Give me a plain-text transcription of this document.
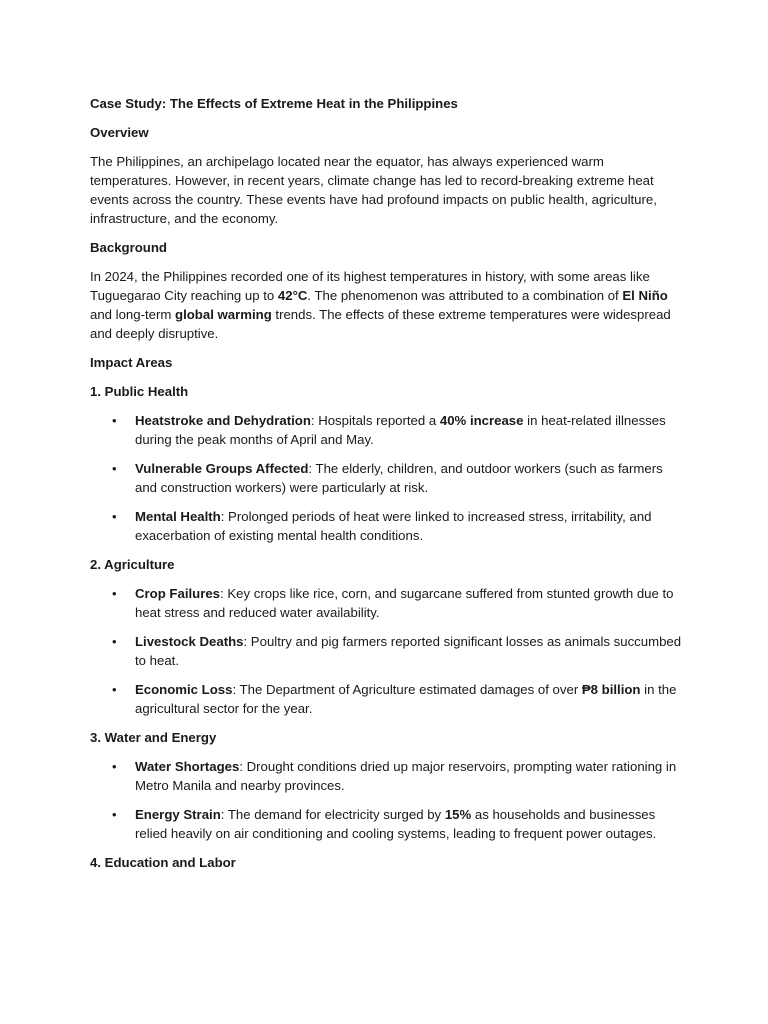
Case Study: The Effects of Extreme Heat in the Philippines

Overview

The Philippines, an archipelago located near the equator, has always experienced warm temperatures. However, in recent years, climate change has led to record-breaking extreme heat events across the country. These events have had profound impacts on public health, agriculture, infrastructure, and the economy.

Background

In 2024, the Philippines recorded one of its highest temperatures in history, with some areas like Tuguegarao City reaching up to 42°C. The phenomenon was attributed to a combination of El Niño and long-term global warming trends. The effects of these extreme temperatures were widespread and deeply disruptive.

Impact Areas

1. Public Health

• Heatstroke and Dehydration: Hospitals reported a 40% increase in heat-related illnesses during the peak months of April and May.
• Vulnerable Groups Affected: The elderly, children, and outdoor workers (such as farmers and construction workers) were particularly at risk.
• Mental Health: Prolonged periods of heat were linked to increased stress, irritability, and exacerbation of existing mental health conditions.

2. Agriculture

• Crop Failures: Key crops like rice, corn, and sugarcane suffered from stunted growth due to heat stress and reduced water availability.
• Livestock Deaths: Poultry and pig farmers reported significant losses as animals succumbed to heat.
• Economic Loss: The Department of Agriculture estimated damages of over ₱8 billion in the agricultural sector for the year.

3. Water and Energy

• Water Shortages: Drought conditions dried up major reservoirs, prompting water rationing in Metro Manila and nearby provinces.
• Energy Strain: The demand for electricity surged by 15% as households and businesses relied heavily on air conditioning and cooling systems, leading to frequent power outages.

4. Education and Labor
